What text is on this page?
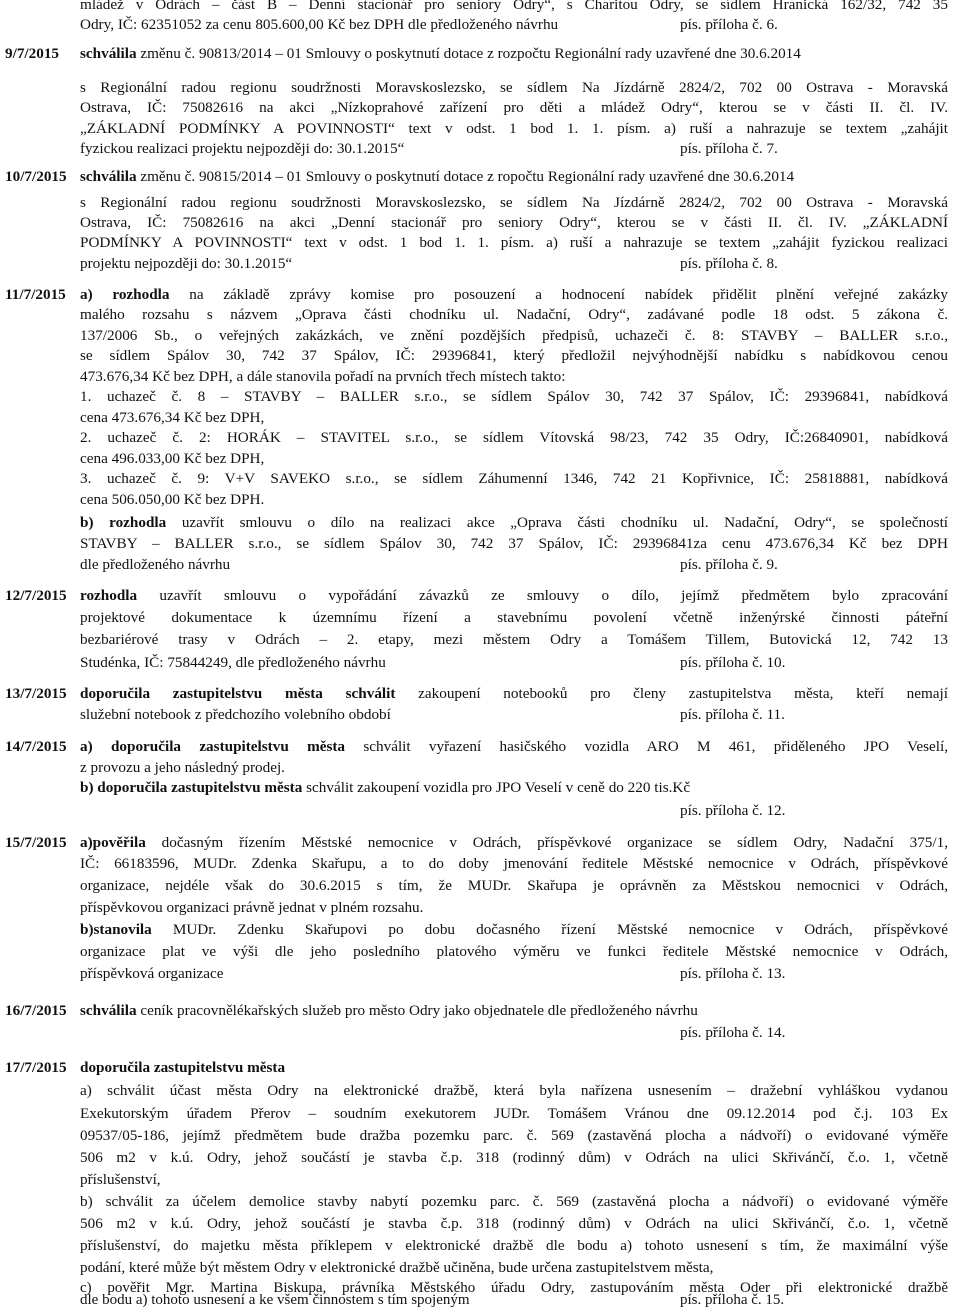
mládež v Odrách – část B – Denní stacionář pro seniory Odry“, s Charitou Odry, se sídlem Hranická 162/32, 742 35
Odry, IČ: 62351052 za cenu 805.600,00 Kč bez DPH dle předloženého návrhu	pís. příloha č. 6.
9/7/2015 schválila změnu č. 90813/2014 – 01 Smlouvy o poskytnutí dotace z rozpočtu Regionální rady uzavřené dne 30.6.2014
s Regionální radou regionu soudržnosti Moravskoslezsko, se sídlem Na Jízdárně 2824/2, 702 00 Ostrava - Moravská
Ostrava, IČ: 75082616 na akci „Nízkoprahové zařízení pro děti a mládež Odry“, kterou se v části II. čl. IV.
„ZÁKLADNÍ PODMÍNKY A POVINNOSTI“ text v odst. 1 bod 1. 1. písm. a) ruší a nahrazuje se textem „zahájit
fyzickou realizaci projektu nejpozději do: 30.1.2015“	pís. příloha č. 7.
10/7/2015 schválila změnu č. 90815/2014 – 01 Smlouvy o poskytnutí dotace z ropočtu Regionální rady uzavřené dne 30.6.2014
s Regionální radou regionu soudržnosti Moravskoslezsko, se sídlem Na Jízdárně 2824/2, 702 00 Ostrava - Moravská
Ostrava, IČ: 75082616 na akci „Denní stacionář pro seniory Odry“, kterou se v části II. čl. IV. „ZÁKLADNÍ
PODMÍNKY A POVINNOSTI“ text v odst. 1 bod 1. 1. písm. a) ruší a nahrazuje se textem „zahájit fyzickou realizaci
projektu nejpozději do: 30.1.2015“	pís. příloha č. 8.
11/7/2015 a) rozhodla na základě zprávy komise pro posouzení a hodnocení nabídek přidělit plnění veřejné zakázky
malého rozsahu s názvem „Oprava části chodníku ul. Nadační, Odry“, zadávané podle 18 odst. 5 zákona č.
137/2006 Sb., o veřejných zakázkách, ve znění pozdějších předpisů, uchazeči č. 8: STAVBY – BALLER s.r.o.,
se sídlem Spálov 30, 742 37 Spálov, IČ: 29396841, který předložil nejvýhodnější nabídku s nabídkovou cenou
473.676,34 Kč bez DPH, a dále stanovila pořadí na prvních třech místech takto:
1. uchazeč č. 8 – STAVBY – BALLER s.r.o., se sídlem Spálov 30, 742 37 Spálov, IČ: 29396841, nabídková
cena 473.676,34 Kč bez DPH,
2. uchazeč č. 2: HORÁK – STAVITEL s.r.o., se sídlem Vítovská 98/23, 742 35 Odry, IČ:26840901, nabídková
cena 496.033,00 Kč bez DPH,
3. uchazeč č. 9: V+V SAVEKO s.r.o., se sídlem Záhumenní 1346, 742 21 Kopřivnice, IČ: 25818881, nabídková
cena 506.050,00 Kč bez DPH.
b) rozhodla uzavřít smlouvu o dílo na realizaci akce „Oprava části chodníku ul. Nadační, Odry“, se společností
STAVBY – BALLER s.r.o., se sídlem Spálov 30, 742 37 Spálov, IČ: 29396841za cenu 473.676,34 Kč bez DPH
dle předloženého návrhu	pís. příloha č. 9.
12/7/2015 rozhodla uzavřít smlouvu o vypořádání závazků ze smlouvy o dílo, jejímž předmětem bylo zpracování
projektové dokumentace k územnímu řízení a stavebnímu povolení včetně inženýrské činnosti páteřní
bezbariérové trasy v Odrách – 2. etapy, mezi městem Odry a Tomášem Tillem, Butovická 12, 742 13
Studénka, IČ: 75844249, dle předloženého návrhu	pís. příloha č. 10.
13/7/2015 doporučila zastupitelstvu města schválit zakoupení notebooků pro členy zastupitelstva města, kteří nemají
služební notebook z předchozího volebního období	pís. příloha č. 11.
14/7/2015 a) doporučila zastupitelstvu města schválit vyřazení hasičského vozidla ARO M 461, přiděleného JPO Veselí,
z provozu a jeho následný prodej.
b) doporučila zastupitelstvu města schválit zakoupení vozidla pro JPO Veselí v ceně do 220 tis.Kč
pís. příloha č. 12.
15/7/2015 a)pověřila dočasným řízením Městské nemocnice v Odrách, příspěvkové organizace se sídlem Odry, Nadační 375/1,
IČ: 66183596, MUDr. Zdenka Skařupu, a to do doby jmenování ředitele Městské nemocnice v Odrách, příspěvkové
organizace, nejdéle však do 30.6.2015 s tím, že MUDr. Skařupa je oprávněn za Městskou nemocnici v Odrách,
příspěvkovou organizaci právně jednat v plném rozsahu.
b)stanovila MUDr. Zdenku Skařupovi po dobu dočasného řízení Městské nemocnice v Odrách, příspěvkové
organizace plat ve výši dle jeho posledního platového výměru ve funkci ředitele Městské nemocnice v Odrách,
příspěvková organizace	pís. příloha č. 13.
16/7/2015 schválila ceník pracovnělékařských služeb pro město Odry jako objednatele dle předloženého návrhu
pís. příloha č. 14.
17/7/2015 doporučila zastupitelstvu města
a) schválit účast města Odry na elektronické dražbě, která byla nařízena usnesením – dražební vyhláškou vydanou
Exekutorským úřadem Přerov – soudním exekutorem JUDr. Tomášem Vránou dne 09.12.2014 pod č.j. 103 Ex
09537/05-186, jejímž předmětem bude dražba pozemku parc. č. 569 (zastavěná plocha a nádvoří) o evidované výměře
506 m2 v k.ú. Odry, jehož součástí je stavba č.p. 318 (rodinný dům) v Odrách na ulici Skřivánčí, č.o. 1, včetně
příslušenství,
b) schválit za účelem demolice stavby nabytí pozemku parc. č. 569 (zastavěná plocha a nádvoří) o evidované výměře
506 m2 v k.ú. Odry, jehož součástí je stavba č.p. 318 (rodinný dům) v Odrách na ulici Skřivánčí, č.o. 1, včetně
příslušenství, do majetku města příklepem v elektronické dražbě dle bodu a) tohoto usnesení s tím, že maximální výše
podání, které může být městem Odry v elektronické dražbě učiněna, bude určena zastupitelstvem města,
c) pověřit Mgr. Martina Biskupa, právníka Městského úřadu Odry, zastupováním města Oder při elektronické dražbě
dle bodu a) tohoto usnesení a ke všem činnostem s tím spojeným	pís. příloha č. 15.
